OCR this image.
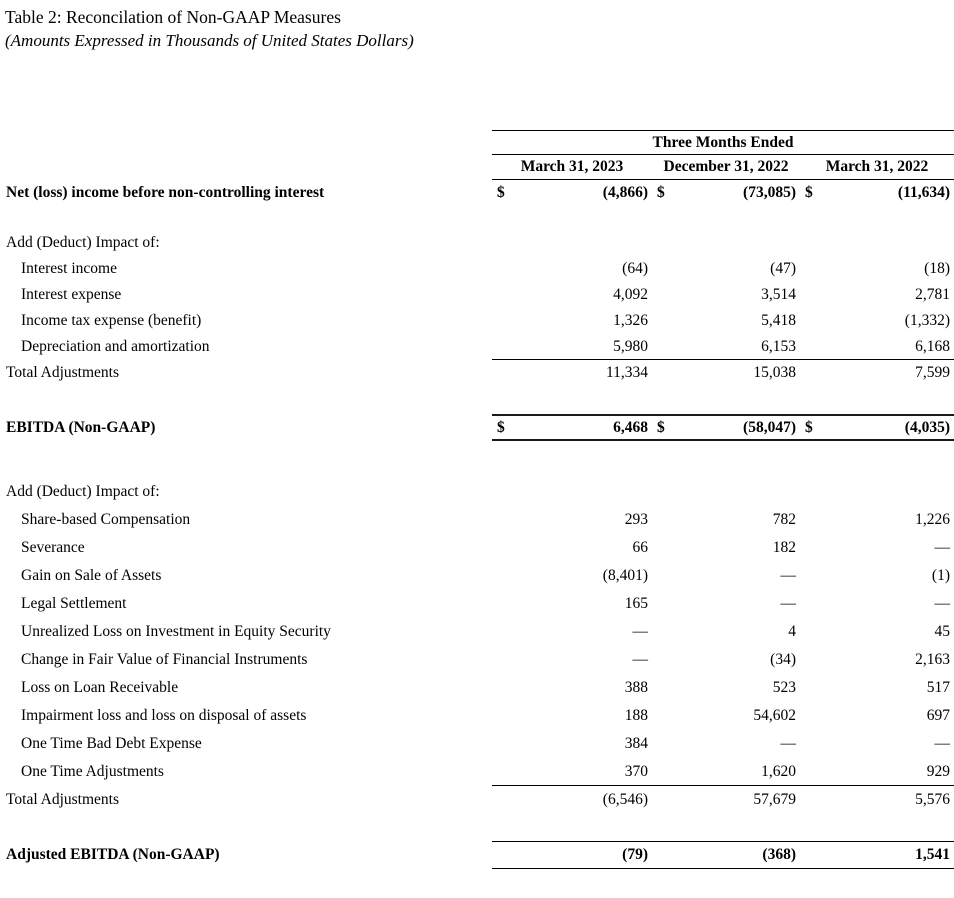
Table 2: Reconcilation of Non-GAAP Measures
(Amounts Expressed in Thousands of United States Dollars)
Three Months Ended
March 31, 2023	December 31, 2022	March 31, 2022
Net (loss) income before non-controlling interest	$	(4,866) $	(73,085) $	(11,634)
Add (Deduct) Impact of:
Interest income	(64)	(47)	(18)
Interest expense	4,092	3,514	2,781
Income tax expense (benefit)	1,326	5,418	(1,332)
Depreciation and amortization	5,980	6,153	6,168
Total Adjustments	11,334	15,038	7,599
EBITDA (Non-GAAP)	$	6,468 $	(58,047) $	(4,035)
Add (Deduct) Impact of:
Share-based Compensation	293	782	1,226
Severance	66	182	—
Gain on Sale of Assets	(8,401)	—	(1)
Legal Settlement	165	—	—
Unrealized Loss on Investment in Equity Security	—	4	45
Change in Fair Value of Financial Instruments	—	(34)	2,163
Loss on Loan Receivable	388	523	517
Impairment loss and loss on disposal of assets	188	54,602	697
One Time Bad Debt Expense	384	—	—
One Time Adjustments	370	1,620	929
Total Adjustments	(6,546)	57,679	5,576
Adjusted EBITDA (Non-GAAP)	(79)	(368)	1,541
